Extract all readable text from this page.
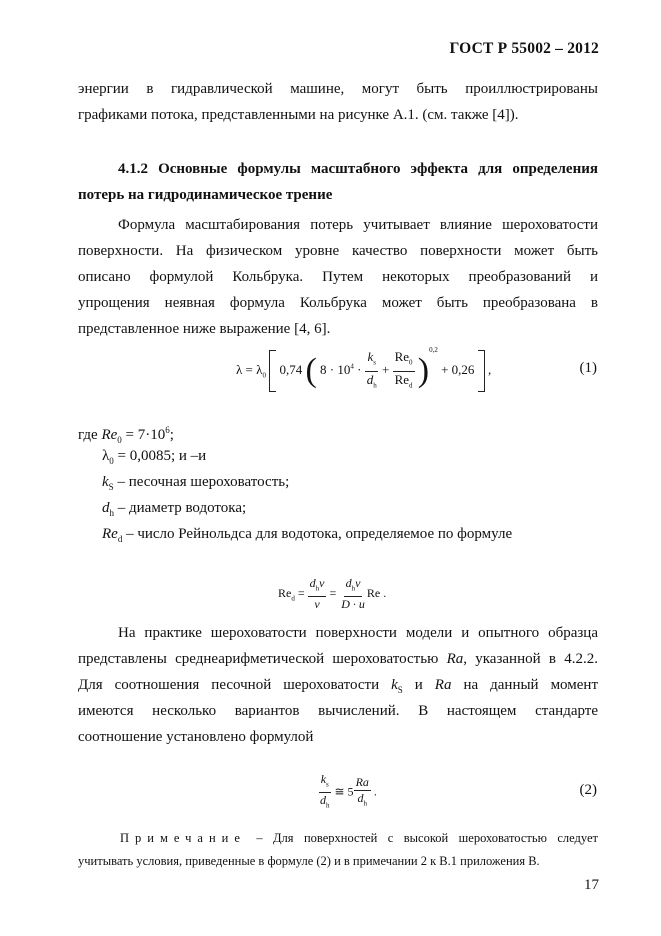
ГОСТ Р 55002 – 2012
энергии в гидравлической машине, могут быть проиллюстрированы
графиками потока, представленными на рисунке А.1. (см. также [4]).
4.1.2 Основные формулы масштабного эффекта для определения
потерь на гидродинамическое трение
Формула масштабирования потерь учитывает влияние шероховатости
поверхности. На физическом уровне качество поверхности может быть
описано формулой Кольбрука. Путем некоторых преобразований и
упрощения неявная формула Кольбрука может быть преобразована в
представленное ниже выражение [4, 6].
$\lambda = \lambda_0$ 0,74 ( $8 \cdot 10^4 \cdot \frac{k_s}{d_h} + \frac{Re_0}{Re_d} )^{0,2} + 0,26$ ,	(1)
где $Re_0 = 7\cdot 10^6$;
$\lambda_0 = 0,0085$; и –и
$k_S$ – песочная шероховатость;
$d_h$ – диаметр водотока;
$Re_d$ – число Рейнольдса для водотока, определяемое по формуле
$Re_d = \frac{d_hv}{\nu} = \frac{d_hv}{D \cdot u}$ Re .
На практике шероховатости поверхности модели и опытного образца
представлены среднеарифметической шероховатостью Ra, указанной в 4.2.2.
Для соотношения песочной шероховатости $k_S$ и Ra на данный момент
имеются несколько вариантов вычислений. В настоящем стандарте
соотношение установлено формулой
$\frac{k_s}{d_h}$ ≅ $5 \frac{Ra}{d_h}$ .	(2)
Примечание – Для поверхностей с высокой шероховатостью следует
учитывать условия, приведенные в формуле (2) и в примечании 2 к В.1 приложения В.
17
